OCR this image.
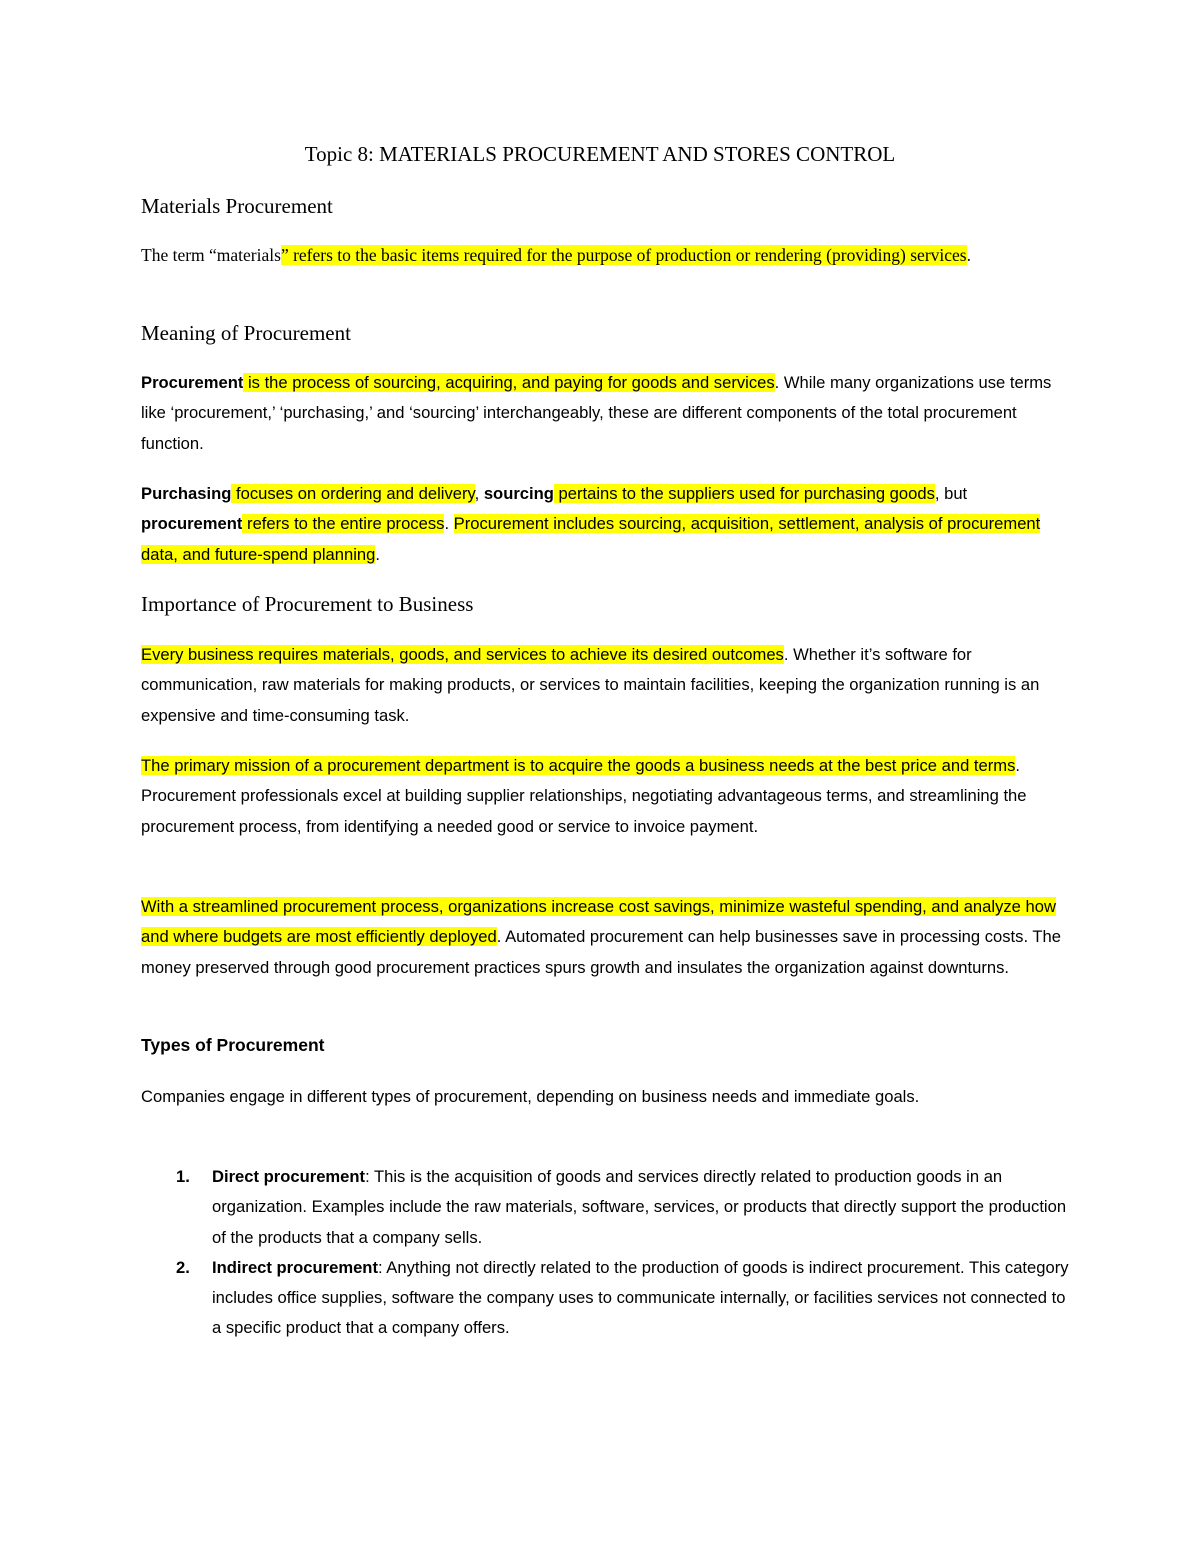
Topic 8: MATERIALS PROCUREMENT AND STORES CONTROL
Materials Procurement

The term “materials” refers to the basic items required for the purpose of production or rendering (providing) services.

Meaning of Procurement

Procurement is the process of sourcing, acquiring, and paying for goods and services. While many organizations use terms like ‘procurement,’ ‘purchasing,’ and ‘sourcing’ interchangeably, these are different components of the total procurement function.

Purchasing focuses on ordering and delivery, sourcing pertains to the suppliers used for purchasing goods, but procurement refers to the entire process. Procurement includes sourcing, acquisition, settlement, analysis of procurement data, and future-spend planning.

Importance of Procurement to Business

Every business requires materials, goods, and services to achieve its desired outcomes. Whether it’s software for communication, raw materials for making products, or services to maintain facilities, keeping the organization running is an expensive and time-consuming task.

The primary mission of a procurement department is to acquire the goods a business needs at the best price and terms. Procurement professionals excel at building supplier relationships, negotiating advantageous terms, and streamlining the procurement process, from identifying a needed good or service to invoice payment.

With a streamlined procurement process, organizations increase cost savings, minimize wasteful spending, and analyze how and where budgets are most efficiently deployed. Automated procurement can help businesses save in processing costs. The money preserved through good procurement practices spurs growth and insulates the organization against downturns.

Types of Procurement

Companies engage in different types of procurement, depending on business needs and immediate goals.

1. Direct procurement: This is the acquisition of goods and services directly related to production goods in an organization. Examples include the raw materials, software, services, or products that directly support the production of the products that a company sells.
2. Indirect procurement: Anything not directly related to the production of goods is indirect procurement. This category includes office supplies, software the company uses to communicate internally, or facilities services not connected to a specific product that a company offers.
